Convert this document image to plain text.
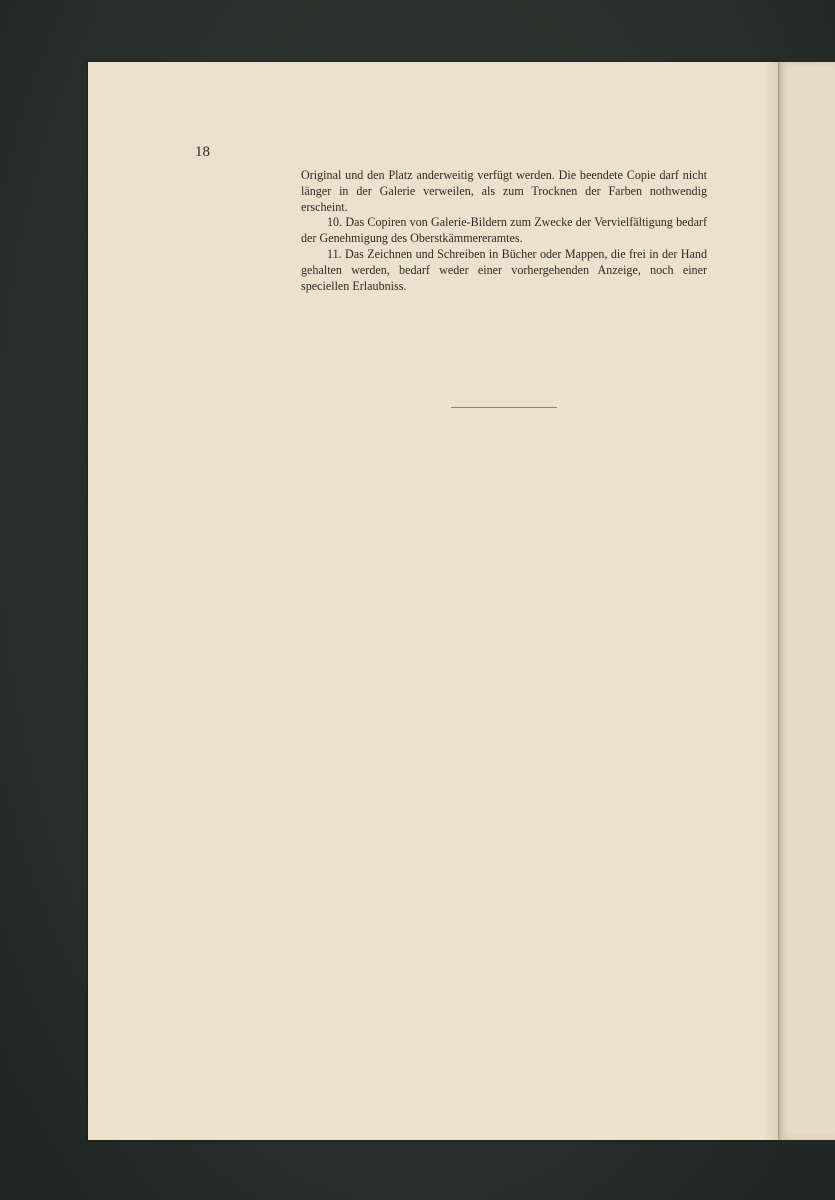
18

Original und den Platz anderweitig verfügt werden. Die beendete Copie darf nicht länger in der Galerie verweilen, als zum Trocknen der Farben nothwendig erscheint.

10. Das Copiren von Galerie-Bildern zum Zwecke der Vervielfältigung bedarf der Genehmigung des Oberstkämmereramtes.

11. Das Zeichnen und Schreiben in Bücher oder Mappen, die frei in der Hand gehalten werden, bedarf weder einer vorhergehenden Anzeige, noch einer speciellen Erlaubniss.
